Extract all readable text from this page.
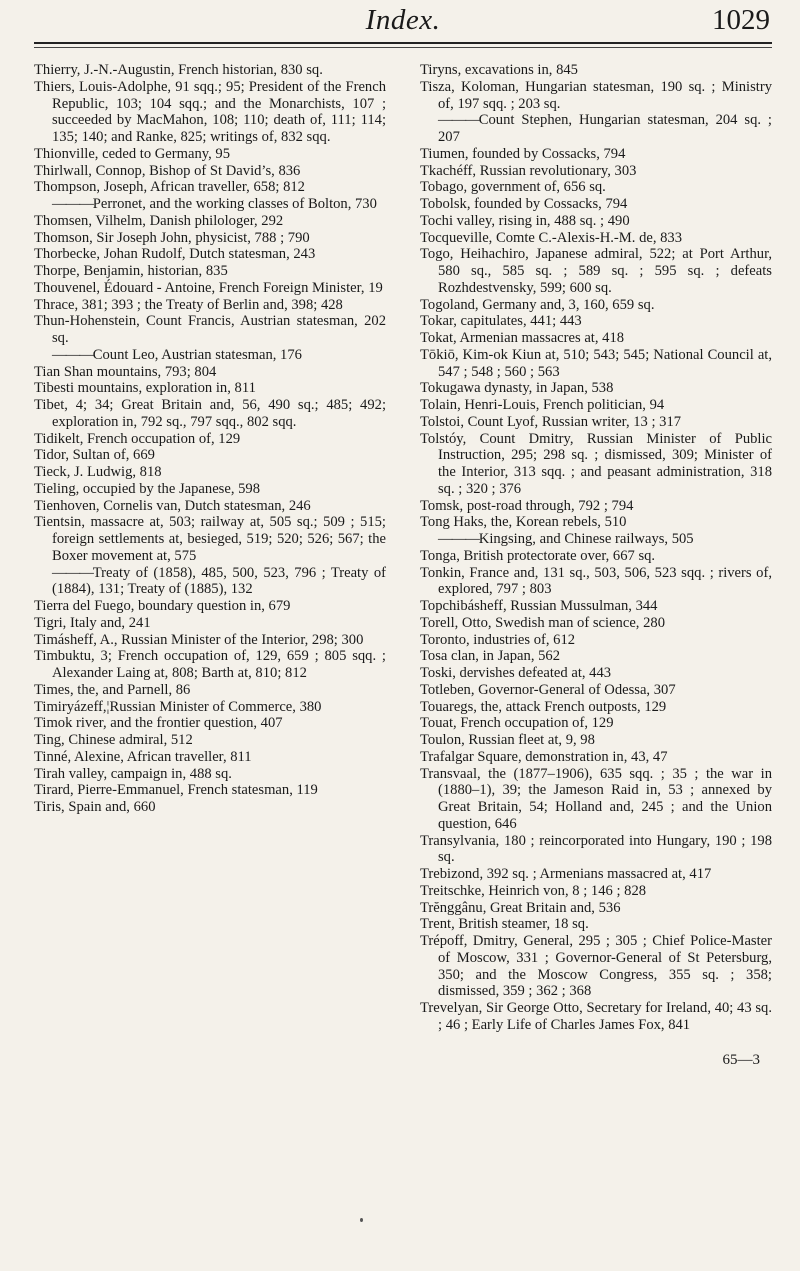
Index.	1029

Thierry, J.-N.-Augustin, French historian, 830 sq.

Thiers, Louis-Adolphe, 91 sqq.; 95; President of the French Republic, 103; 104 sqq.; and the Monarchists, 107 ; succeeded by MacMahon, 108; 110; death of, 111; 114; 135; 140; and Ranke, 825; writings of, 832 sqq.

Thionville, ceded to Germany, 95

Thirlwall, Connop, Bishop of St David’s, 836

Thompson, Joseph, African traveller, 658; 812

——— Perronet, and the working classes of Bolton, 730

Thomsen, Vilhelm, Danish philologer, 292

Thomson, Sir Joseph John, physicist, 788 ; 790

Thorbecke, Johan Rudolf, Dutch statesman, 243

Thorpe, Benjamin, historian, 835

Thouvenel, Édouard - Antoine, French Foreign Minister, 19

Thrace, 381; 393 ; the Treaty of Berlin and, 398; 428

Thun-Hohenstein, Count Francis, Austrian statesman, 202 sq.

——— Count Leo, Austrian statesman, 176

Tian Shan mountains, 793; 804

Tibesti mountains, exploration in, 811

Tibet, 4; 34; Great Britain and, 56, 490 sq.; 485; 492; exploration in, 792 sq., 797 sqq., 802 sqq.

Tidikelt, French occupation of, 129

Tidor, Sultan of, 669

Tieck, J. Ludwig, 818

Tieling, occupied by the Japanese, 598

Tienhoven, Cornelis van, Dutch statesman, 246

Tientsin, massacre at, 503; railway at, 505 sq.; 509 ; 515; foreign settlements at, besieged, 519; 520; 526; 567; the Boxer movement at, 575

——— Treaty of (1858), 485, 500, 523, 796 ; Treaty of (1884), 131; Treaty of (1885), 132

Tierra del Fuego, boundary question in, 679

Tigri, Italy and, 241

Timásheff, A., Russian Minister of the Interior, 298; 300

Timbuktu, 3; French occupation of, 129, 659 ; 805 sqq. ; Alexander Laing at, 808; Barth at, 810; 812

Times, the, and Parnell, 86

Timiryázeff,¦Russian Minister of Commerce, 380

Timok river, and the frontier question, 407

Ting, Chinese admiral, 512

Tinné, Alexine, African traveller, 811

Tirah valley, campaign in, 488 sq.

Tirard, Pierre-Emmanuel, French statesman, 119

Tiris, Spain and, 660

Tiryns, excavations in, 845

Tisza, Koloman, Hungarian statesman, 190 sq. ; Ministry of, 197 sqq. ; 203 sq.

——— Count Stephen, Hungarian statesman, 204 sq. ; 207

Tiumen, founded by Cossacks, 794

Tkachéff, Russian revolutionary, 303

Tobago, government of, 656 sq.

Tobolsk, founded by Cossacks, 794

Tochi valley, rising in, 488 sq. ; 490

Tocqueville, Comte C.-Alexis-H.-M. de, 833

Togo, Heihachiro, Japanese admiral, 522; at Port Arthur, 580 sq., 585 sq. ; 589 sq. ; 595 sq. ; defeats Rozhdestvensky, 599; 600 sq.

Togoland, Germany and, 3, 160, 659 sq.

Tokar, capitulates, 441; 443

Tokat, Armenian massacres at, 418

Tōkiō, Kim-ok Kiun at, 510; 543; 545; National Council at, 547 ; 548 ; 560 ; 563

Tokugawa dynasty, in Japan, 538

Tolain, Henri-Louis, French politician, 94

Tolstoi, Count Lyof, Russian writer, 13 ; 317

Tolstóy, Count Dmitry, Russian Minister of Public Instruction, 295; 298 sq. ; dismissed, 309; Minister of the Interior, 313 sqq. ; and peasant administration, 318 sq. ; 320 ; 376

Tomsk, post-road through, 792 ; 794

Tong Haks, the, Korean rebels, 510

——— Kingsing, and Chinese railways, 505

Tonga, British protectorate over, 667 sq.

Tonkin, France and, 131 sq., 503, 506, 523 sqq. ; rivers of, explored, 797 ; 803

Topchibásheff, Russian Mussulman, 344

Torell, Otto, Swedish man of science, 280

Toronto, industries of, 612

Tosa clan, in Japan, 562

Toski, dervishes defeated at, 443

Totleben, Governor-General of Odessa, 307

Touaregs, the, attack French outposts, 129

Touat, French occupation of, 129

Toulon, Russian fleet at, 9, 98

Trafalgar Square, demonstration in, 43, 47

Transvaal, the (1877–1906), 635 sqq. ; 35 ; the war in (1880–1), 39; the Jameson Raid in, 53 ; annexed by Great Britain, 54; Holland and, 245 ; and the Union question, 646

Transylvania, 180 ; reincorporated into Hungary, 190 ; 198 sq.

Trebizond, 392 sq. ; Armenians massacred at, 417

Treitschke, Heinrich von, 8 ; 146 ; 828

Trĕnggânu, Great Britain and, 536

Trent, British steamer, 18 sq.

Trépoff, Dmitry, General, 295 ; 305 ; Chief Police-Master of Moscow, 331 ; Governor-General of St Petersburg, 350; and the Moscow Congress, 355 sq. ; 358; dismissed, 359 ; 362 ; 368

Trevelyan, Sir George Otto, Secretary for Ireland, 40; 43 sq. ; 46 ; Early Life of Charles James Fox, 841

65—3
